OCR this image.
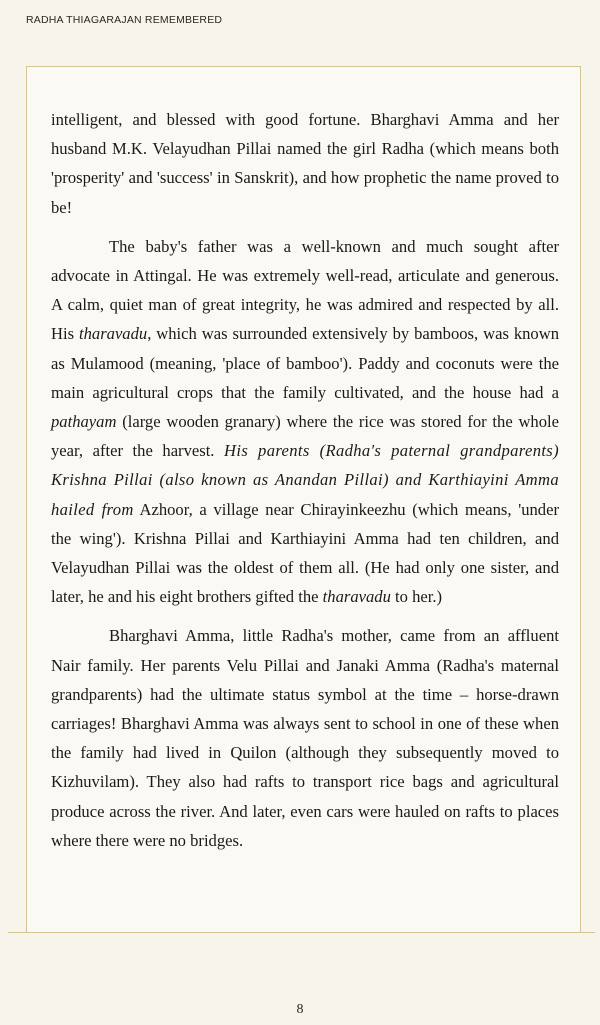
RADHA THIAGARAJAN REMEMBERED

intelligent, and blessed with good fortune. Bharghavi Amma and her husband M.K. Velayudhan Pillai named the girl Radha (which means both 'prosperity' and 'success' in Sanskrit), and how prophetic the name proved to be!

The baby's father was a well-known and much sought after advocate in Attingal. He was extremely well-read, articulate and generous. A calm, quiet man of great integrity, he was admired and respected by all. His tharavadu, which was surrounded extensively by bamboos, was known as Mulamood (meaning, 'place of bamboo'). Paddy and coconuts were the main agricultural crops that the family cultivated, and the house had a pathayam (large wooden granary) where the rice was stored for the whole year, after the harvest. His parents (Radha's paternal grandparents) Krishna Pillai (also known as Anandan Pillai) and Karthiayini Amma hailed from Azhoor, a village near Chirayinkeezhu (which means, 'under the wing'). Krishna Pillai and Karthiayini Amma had ten children, and Velayudhan Pillai was the oldest of them all. (He had only one sister, and later, he and his eight brothers gifted the tharavadu to her.)

Bharghavi Amma, little Radha's mother, came from an affluent Nair family. Her parents Velu Pillai and Janaki Amma (Radha's maternal grandparents) had the ultimate status symbol at the time – horse-drawn carriages! Bharghavi Amma was always sent to school in one of these when the family had lived in Quilon (although they subsequently moved to Kizhuvilam). They also had rafts to transport rice bags and agricultural produce across the river. And later, even cars were hauled on rafts to places where there were no bridges.

8
